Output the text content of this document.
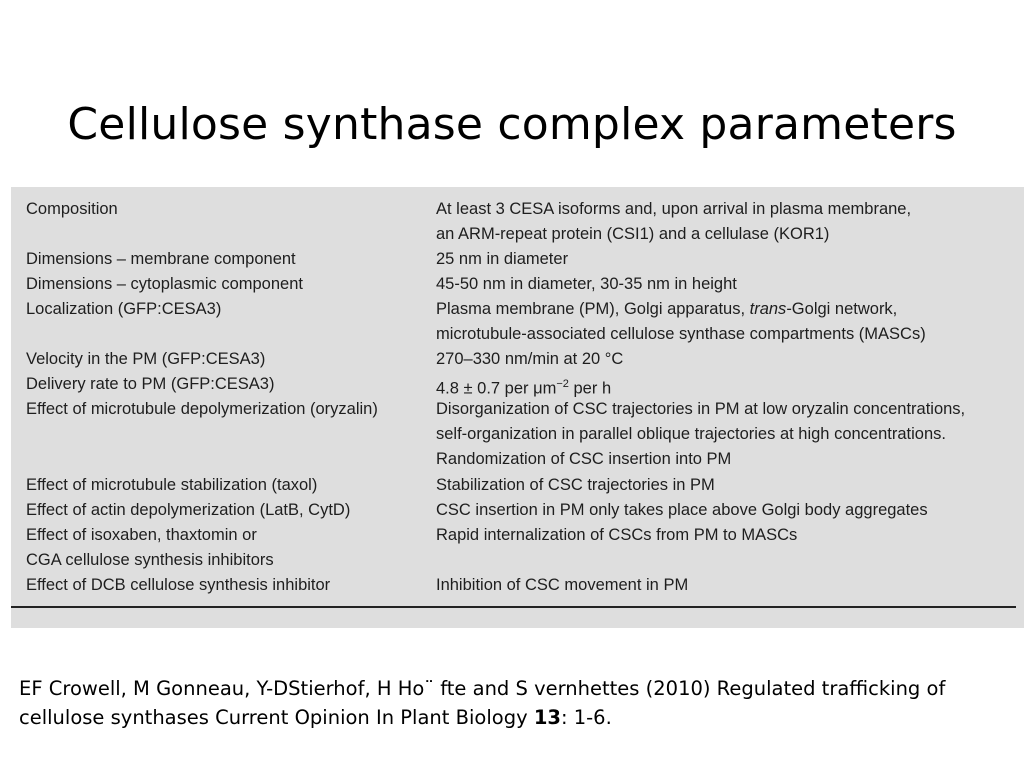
Cellulose synthase complex parameters
Composition	At least 3 CESA isoforms and, upon arrival in plasma membrane,
an ARM-repeat protein (CSI1) and a cellulase (KOR1)
Dimensions – membrane component	25 nm in diameter
Dimensions – cytoplasmic component	45-50 nm in diameter, 30-35 nm in height
Localization (GFP:CESA3)	Plasma membrane (PM), Golgi apparatus, trans-Golgi network,
microtubule-associated cellulose synthase compartments (MASCs)
Velocity in the PM (GFP:CESA3)	270–330 nm/min at 20 °C
Delivery rate to PM (GFP:CESA3)	4.8 ± 0.7 per $\mu m^{-2}$ per h
Effect of microtubule depolymerization (oryzalin)	Disorganization of CSC trajectories in PM at low oryzalin concentrations,
self-organization in parallel oblique trajectories at high concentrations.
Randomization of CSC insertion into PM
Effect of microtubule stabilization (taxol)	Stabilization of CSC trajectories in PM
Effect of actin depolymerization (LatB, CytD)	CSC insertion in PM only takes place above Golgi body aggregates
Effect of isoxaben, thaxtomin or	Rapid internalization of CSCs from PM to MASCs
CGA cellulose synthesis inhibitors
Effect of DCB cellulose synthesis inhibitor	Inhibition of CSC movement in PM
EF Crowell, M Gonneau, Y-DStierhof, H Ho¨ fte and S vernhettes (2010) Regulated trafficking of cellulose synthases Current Opinion In Plant Biology 13: 1-6.
